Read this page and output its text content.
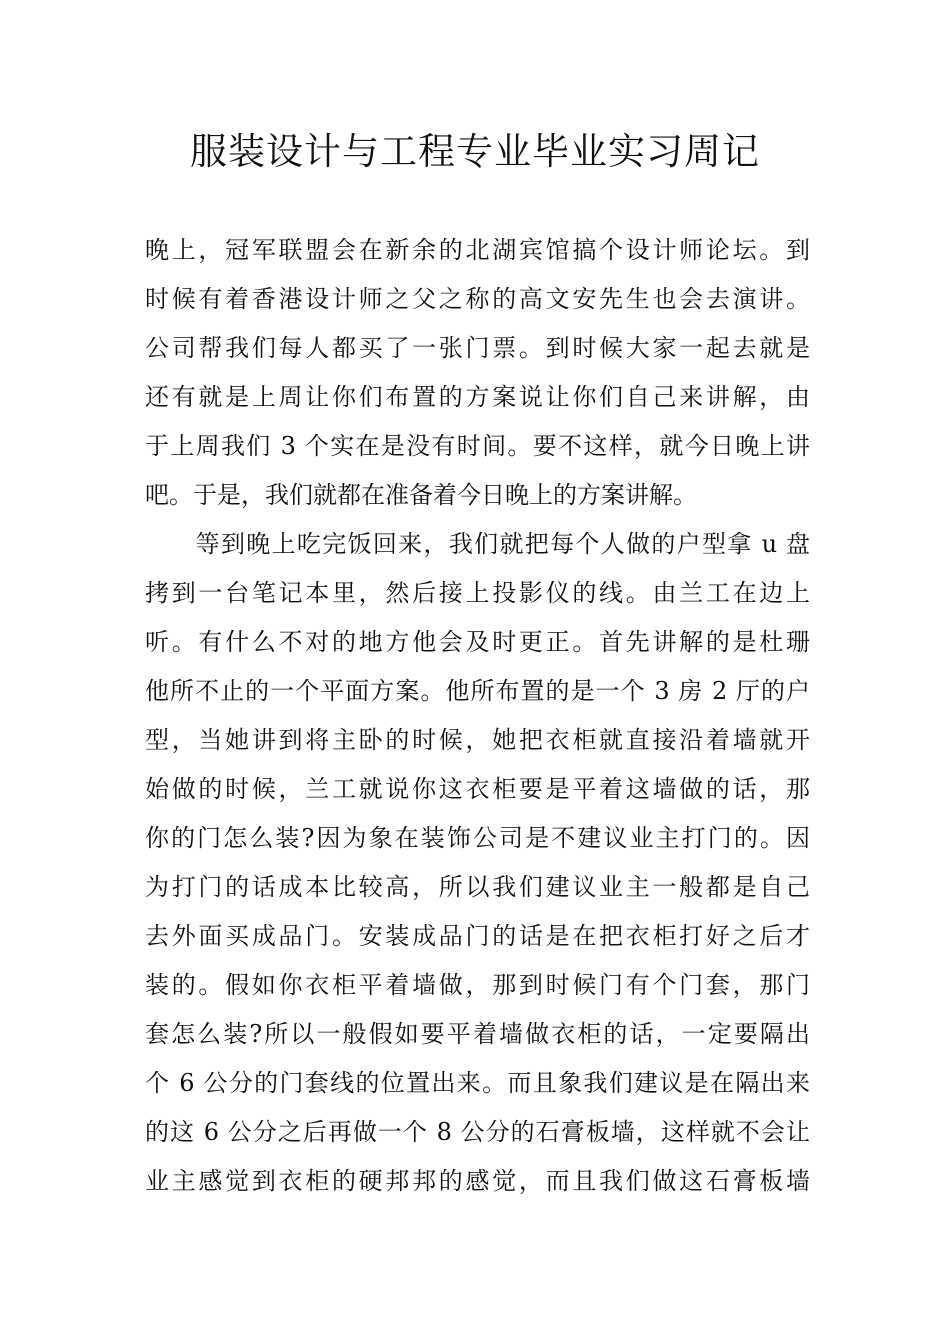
服装设计与工程专业毕业实习周记
晚上，冠军联盟会在新余的北湖宾馆搞个设计师论坛。到
时候有着香港设计师之父之称的高文安先生也会去演讲。
公司帮我们每人都买了一张门票。到时候大家一起去就是
还有就是上周让你们布置的方案说让你们自己来讲解，由
于上周我们 3 个实在是没有时间。要不这样，就今日晚上讲
吧。于是，我们就都在准备着今日晚上的方案讲解。
　　等到晚上吃完饭回来，我们就把每个人做的户型拿 u 盘
拷到一台笔记本里，然后接上投影仪的线。由兰工在边上
听。有什么不对的地方他会及时更正。首先讲解的是杜珊
他所不止的一个平面方案。他所布置的是一个 3 房 2 厅的户
型，当她讲到将主卧的时候，她把衣柜就直接沿着墙就开
始做的时候，兰工就说你这衣柜要是平着这墙做的话，那
你的门怎么装?因为象在装饰公司是不建议业主打门的。因
为打门的话成本比较高，所以我们建议业主一般都是自己
去外面买成品门。安装成品门的话是在把衣柜打好之后才
装的。假如你衣柜平着墙做，那到时候门有个门套，那门
套怎么装?所以一般假如要平着墙做衣柜的话，一定要隔出
个 6 公分的门套线的位置出来。而且象我们建议是在隔出来
的这 6 公分之后再做一个 8 公分的石膏板墙，这样就不会让
业主感觉到衣柜的硬邦邦的感觉，而且我们做这石膏板墙
